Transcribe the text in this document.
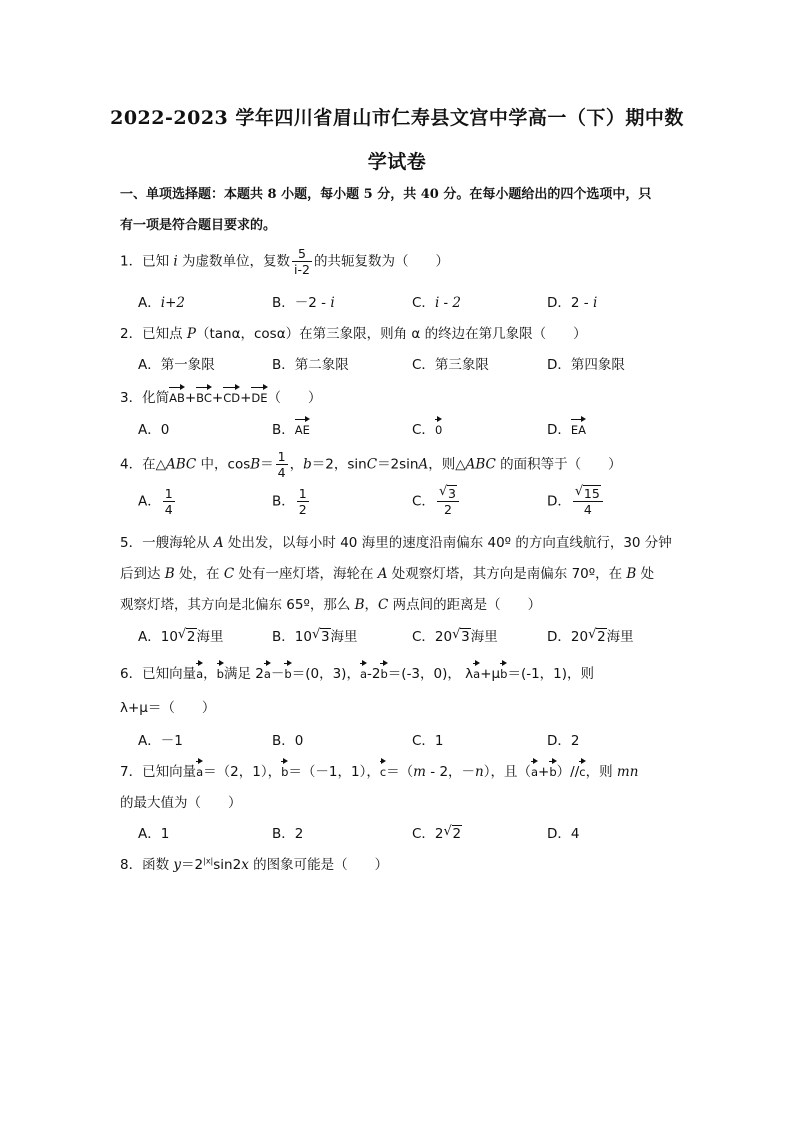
2022-2023 学年四川省眉山市仁寿县文宫中学高一（下）期中数
学试卷
一、单项选择题：本题共 8 小题，每小题 5 分，共 40 分。在每小题给出的四个选项中，只
有一项是符合题目要求的。
1．已知 i 为虚数单位，复数 $\frac{5}{i-2}$ 的共轭复数为（　　）
A．i+2	B．－2 - i	C．i - 2	D．2 - i
2．已知点 P（tanα，cosα）在第三象限，则角 α 的终边在第几象限（　　）
A．第一象限	B．第二象限	C．第三象限	D．第四象限
3．化简AB+BC+CD+DE（　　）
A．0	B．AE	C．0	D．EA
4．在△ABC 中，$\cos B= \frac{1}{4}$ ，b＝2，sinC＝2sinA，则△ABC 的面积等于（　　）
A． $\frac{1}{4}$	B． $\frac{1}{2}$	C． $\frac{√ 3}{2}$	D． $\frac{√ 15}{4}$
5．一艘海轮从 A 处出发，以每小时 40 海里的速度沿南偏东 40º 的方向直线航行，30 分钟
后到达 B 处，在 C 处有一座灯塔，海轮在 A 处观察灯塔，其方向是南偏东 70º，在 B 处
观察灯塔，其方向是北偏东 65º，那么 B，C 两点间的距离是（　　）
A．10 √ 2海里	B．10 √ 3海里	C．20 √ 3海里	D．20 √ 2海里
6．已知向量a，b满足 2a－b＝(0，3)，a-2b＝(-3，0)， λa+μb＝(-1，1)，则
λ+μ＝（　　）
A．－1	B．0	C．1	D．2
7．已知向量a＝（2，1），b＝（－1，1），c＝（m - 2，－n），且（a+b）//c，则 mn
的最大值为（　　）
A．1	B．2	C．2 √ 2	D．4
8．函数 $y=2^{|x|}\sin 2x$ 的图象可能是（　　）
